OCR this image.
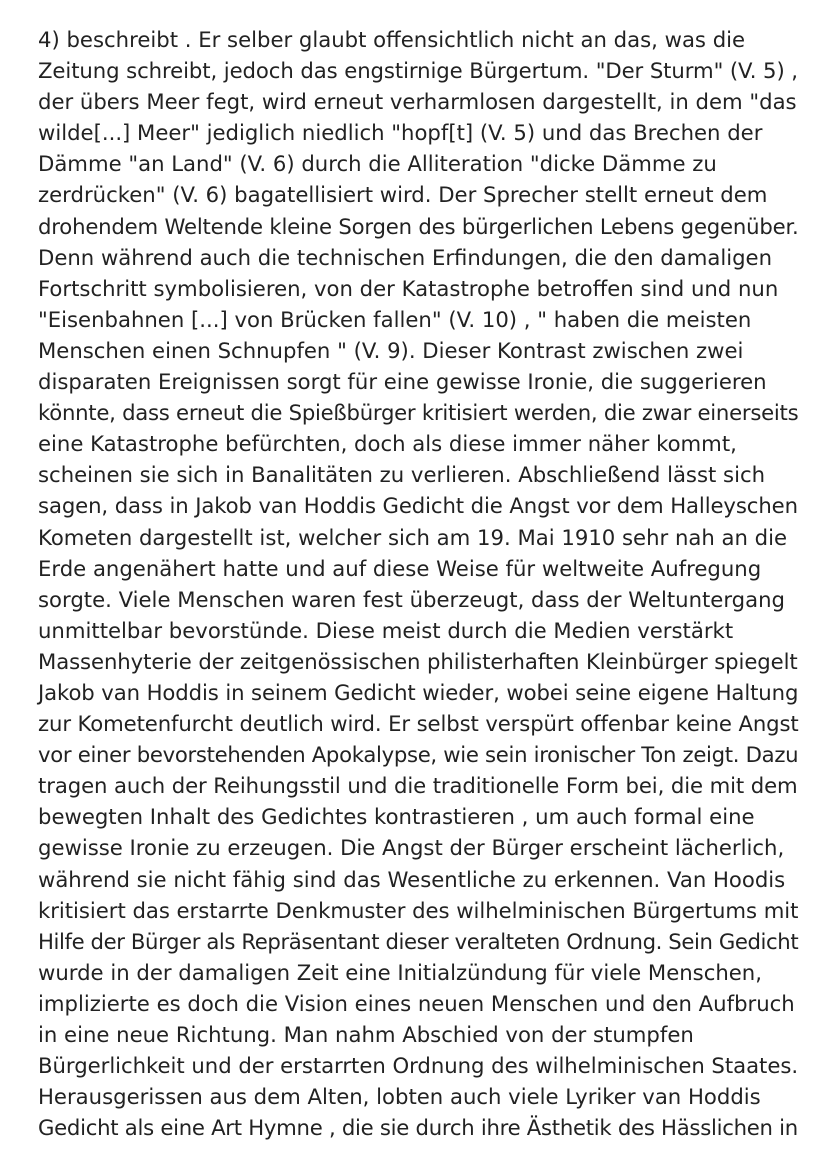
4) beschreibt . Er selber glaubt offensichtlich nicht an das, was die
Zeitung schreibt, jedoch das engstirnige Bürgertum. "Der Sturm" (V. 5) ,
der übers Meer fegt, wird erneut verharmlosen dargestellt, in dem "das
wilde[...] Meer" jediglich niedlich "hopf[t] (V. 5) und das Brechen der
Dämme "an Land" (V. 6) durch die Alliteration "dicke Dämme zu
zerdrücken" (V. 6) bagatellisiert wird. Der Sprecher stellt erneut dem
drohendem Weltende kleine Sorgen des bürgerlichen Lebens gegenüber.
Denn während auch die technischen Erfindungen, die den damaligen
Fortschritt symbolisieren, von der Katastrophe betroffen sind und nun
"Eisenbahnen [...] von Brücken fallen" (V. 10) , " haben die meisten
Menschen einen Schnupfen " (V. 9). Dieser Kontrast zwischen zwei
disparaten Ereignissen sorgt für eine gewisse Ironie, die suggerieren
könnte, dass erneut die Spießbürger kritisiert werden, die zwar einerseits
eine Katastrophe befürchten, doch als diese immer näher kommt,
scheinen sie sich in Banalitäten zu verlieren. Abschließend lässt sich
sagen, dass in Jakob van Hoddis Gedicht die Angst vor dem Halleyschen
Kometen dargestellt ist, welcher sich am 19. Mai 1910 sehr nah an die
Erde angenähert hatte und auf diese Weise für weltweite Aufregung
sorgte. Viele Menschen waren fest überzeugt, dass der Weltuntergang
unmittelbar bevorstünde. Diese meist durch die Medien verstärkt
Massenhyterie der zeitgenössischen philisterhaften Kleinbürger spiegelt
Jakob van Hoddis in seinem Gedicht wieder, wobei seine eigene Haltung
zur Kometenfurcht deutlich wird. Er selbst verspürt offenbar keine Angst
vor einer bevorstehenden Apokalypse, wie sein ironischer Ton zeigt. Dazu
tragen auch der Reihungsstil und die traditionelle Form bei, die mit dem
bewegten Inhalt des Gedichtes kontrastieren , um auch formal eine
gewisse Ironie zu erzeugen. Die Angst der Bürger erscheint lächerlich,
während sie nicht fähig sind das Wesentliche zu erkennen. Van Hoodis
kritisiert das erstarrte Denkmuster des wilhelminischen Bürgertums mit
Hilfe der Bürger als Repräsentant dieser veralteten Ordnung. Sein Gedicht
wurde in der damaligen Zeit eine Initialzündung für viele Menschen,
implizierte es doch die Vision eines neuen Menschen und den Aufbruch
in eine neue Richtung. Man nahm Abschied von der stumpfen
Bürgerlichkeit und der erstarrten Ordnung des wilhelminischen Staates.
Herausgerissen aus dem Alten, lobten auch viele Lyriker van Hoddis
Gedicht als eine Art Hymne , die sie durch ihre Ästhetik des Hässlichen in
